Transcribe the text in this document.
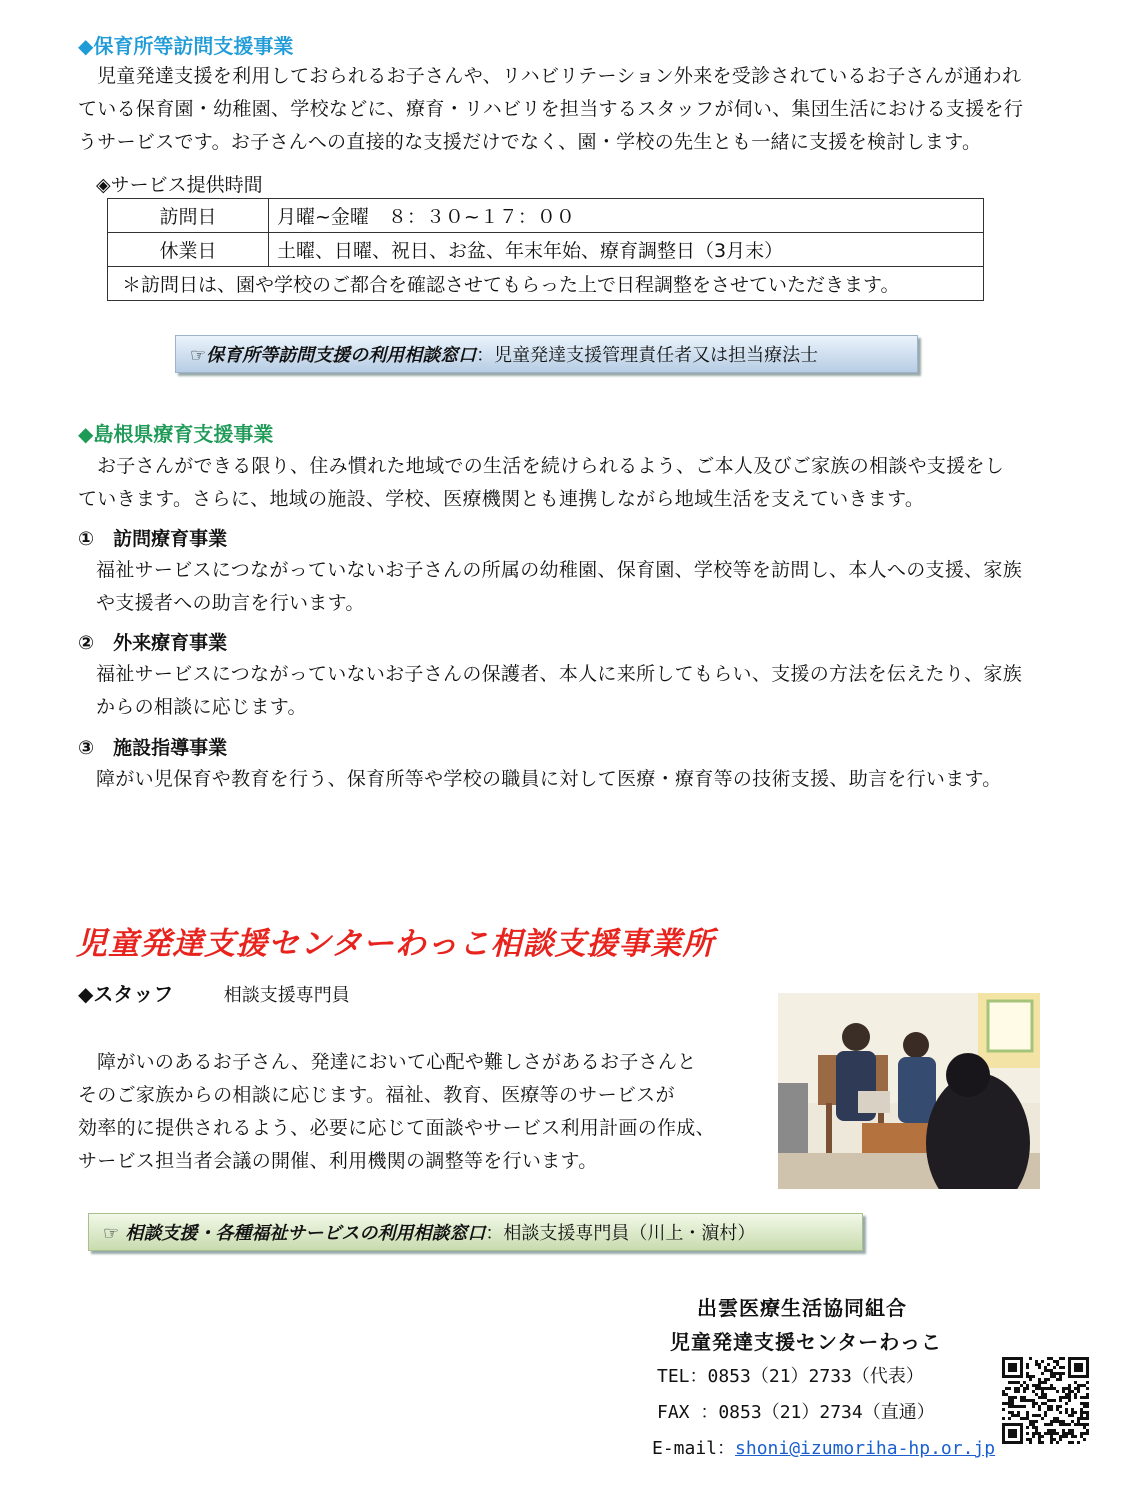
◆保育所等訪問支援事業
児童発達支援を利用しておられるお子さんや、リハビリテーション外来を受診されているお子さんが通われ
ている保育園・幼稚園、学校などに、療育・リハビリを担当するスタッフが伺い、集団生活における支援を行
うサービスです。お子さんへの直接的な支援だけでなく、園・学校の先生とも一緒に支援を検討します。
◈サービス提供時間
訪問日	月曜~金曜　８：３０~１７：００
休業日	土曜、日曜、祝日、お盆、年末年始、療育調整日（3月末）
＊訪問日は、園や学校のご都合を確認させてもらった上で日程調整をさせていただきます。	
☞保育所等訪問支援の利用相談窓口 ：児童発達支援管理責任者又は担当療法士
◆島根県療育支援事業
お子さんができる限り、住み慣れた地域での生活を続けられるよう、ご本人及びご家族の相談や支援をし
ていきます。さらに、地域の施設、学校、医療機関とも連携しながら地域生活を支えていきます。
①　訪問療育事業
福祉サービスにつながっていないお子さんの所属の幼稚園、保育園、学校等を訪問し、本人への支援、家族
や支援者への助言を行います。
②　外来療育事業
福祉サービスにつながっていないお子さんの保護者、本人に来所してもらい、支援の方法を伝えたり、家族
からの相談に応じます。
③　施設指導事業
障がい児保育や教育を行う、保育所等や学校の職員に対して医療・療育等の技術支援、助言を行います。
児童発達支援センターわっこ相談支援事業所
◆スタッフ	相談支援専門員
障がいのあるお子さん、発達において心配や難しさがあるお子さんと
そのご家族からの相談に応じます。福祉、教育、医療等のサービスが
効率的に提供されるよう、必要に応じて面談やサービス利用計画の作成、
サービス担当者会議の開催、利用機関の調整等を行います。
☞ 相談支援・各種福祉サービスの利用相談窓口 ：相談支援専門員（川上・濵村）
出雲医療生活協同組合
児童発達支援センターわっこ
TEL：0853（21）2733（代表）
FAX ：0853（21）2734（直通）
E-mail：shoni@izumoriha-hp.or.jp
